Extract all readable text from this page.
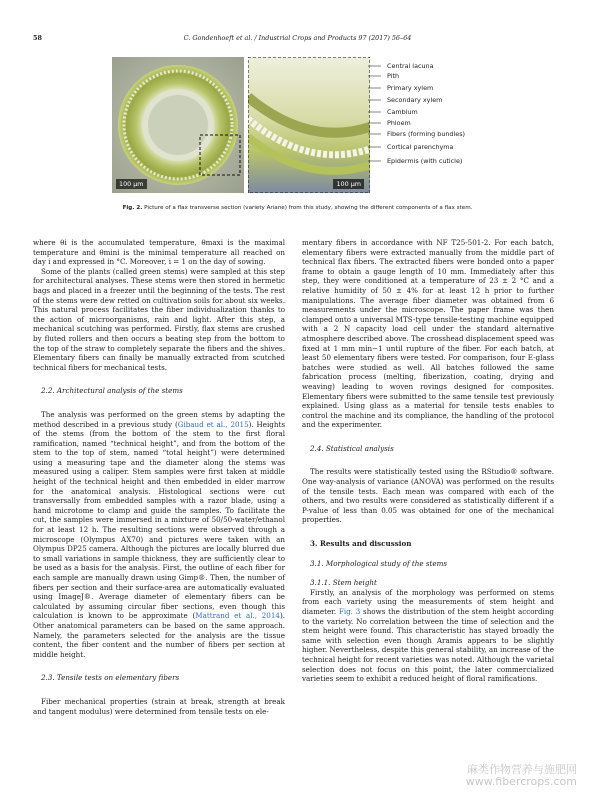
58	C. Gondenhoeft et al. / Industrial Crops and Products 97 (2017) 56–64
100 μm	100 μm
Central lacuna
Pith
Primary xylem
Secondary xylem
Cambium
Phloem
Fibers (forming bundles)
Cortical parenchyma
Epidermis (with cuticle)
Fig. 2. Picture of a flax transverse section (variety Ariane) from this study, showing the different components of a flax stem.

where θi is the accumulated temperature, θmaxi is the maximal temperature and θmini is the minimal temperature all reached on day i and expressed in °C. Moreover, i = 1 on the day of sowing.

Some of the plants (called green stems) were sampled at this step for architectural analyses. These stems were then stored in hermetic bags and placed in a freezer until the beginning of the tests. The rest of the stems were dew retted on cultivation soils for about six weeks. This natural process facilitates the fiber individualization thanks to the action of microorganisms, rain and light. After this step, a mechanical scutching was performed. Firstly, flax stems are crushed by fluted rollers and then occurs a beating step from the bottom to the top of the straw to completely separate the fibers and the shives. Elementary fibers can finally be manually extracted from scutched technical fibers for mechanical tests.

2.2. Architectural analysis of the stems

The analysis was performed on the green stems by adapting the method described in a previous study (Gibaud et al., 2015). Heights of the stems (from the bottom of the stem to the first floral ramification, named “technical height”, and from the bottom of the stem to the top of stem, named “total height”) were determined using a measuring tape and the diameter along the stems was measured using a caliper. Stem samples were first taken at middle height of the technical height and then embedded in elder marrow for the anatomical analysis. Histological sections were cut transversally from embedded samples with a razor blade, using a hand microtome to clamp and guide the samples. To facilitate the cut, the samples were immersed in a mixture of 50/50-water/ethanol for at least 12 h. The resulting sections were observed through a microscope (Olympus AX70) and pictures were taken with an Olympus DP25 camera. Although the pictures are locally blurred due to small variations in sample thickness, they are sufficiently clear to be used as a basis for the analysis. First, the outline of each fiber for each sample are manually drawn using Gimp®. Then, the number of fibers per section and their surface-area are automatically evaluated using ImageJ®. Average diameter of elementary fibers can be calculated by assuming circular fiber sections, even though this calculation is known to be approximate (Mattrand et al., 2014). Other anatomical parameters can be based on the same approach. Namely, the parameters selected for the analysis are the tissue content, the fiber content and the number of fibers per section at middle height.

2.3. Tensile tests on elementary fibers

Fiber mechanical properties (strain at break, strength at break and tangent modulus) were determined from tensile tests on ele-

mentary fibers in accordance with NF T25-501-2. For each batch, elementary fibers were extracted manually from the middle part of technical flax fibers. The extracted fibers were bonded onto a paper frame to obtain a gauge length of 10 mm. Immediately after this step, they were conditioned at a temperature of 23 ± 2 °C and a relative humidity of 50 ± 4% for at least 12 h prior to further manipulations. The average fiber diameter was obtained from 6 measurements under the microscope. The paper frame was then clamped onto a universal MTS-type tensile-testing machine equipped with a 2 N capacity load cell under the standard alternative atmosphere described above. The crosshead displacement speed was fixed at 1 mm min−1 until rupture of the fiber. For each batch, at least 50 elementary fibers were tested. For comparison, four E-glass batches were studied as well. All batches followed the same fabrication process (melting, fiberization, coating, drying and weaving) leading to woven rovings designed for composites. Elementary fibers were submitted to the same tensile test previously explained. Using glass as a material for tensile tests enables to control the machine and its compliance, the handling of the protocol and the experimenter.

2.4. Statistical analysis

The results were statistically tested using the RStudio® software. One way-analysis of variance (ANOVA) was performed on the results of the tensile tests. Each mean was compared with each of the others, and two results were considered as statistically different if a P-value of less than 0.05 was obtained for one of the mechanical properties.

3. Results and discussion

3.1. Morphological study of the stems

3.1.1. Stem height

Firstly, an analysis of the morphology was performed on stems from each variety using the measurements of stem height and diameter. Fig. 3 shows the distribution of the stem height according to the variety. No correlation between the time of selection and the stem height were found. This characteristic has stayed broadly the same with selection even though Aramis appears to be slightly higher. Nevertheless, despite this general stability, an increase of the technical height for recent varieties was noted. Although the varietal selection does not focus on this point, the later commercialized varieties seem to exhibit a reduced height of floral ramifications.

麻类作物营养与施肥网
www.fibercrops.com
